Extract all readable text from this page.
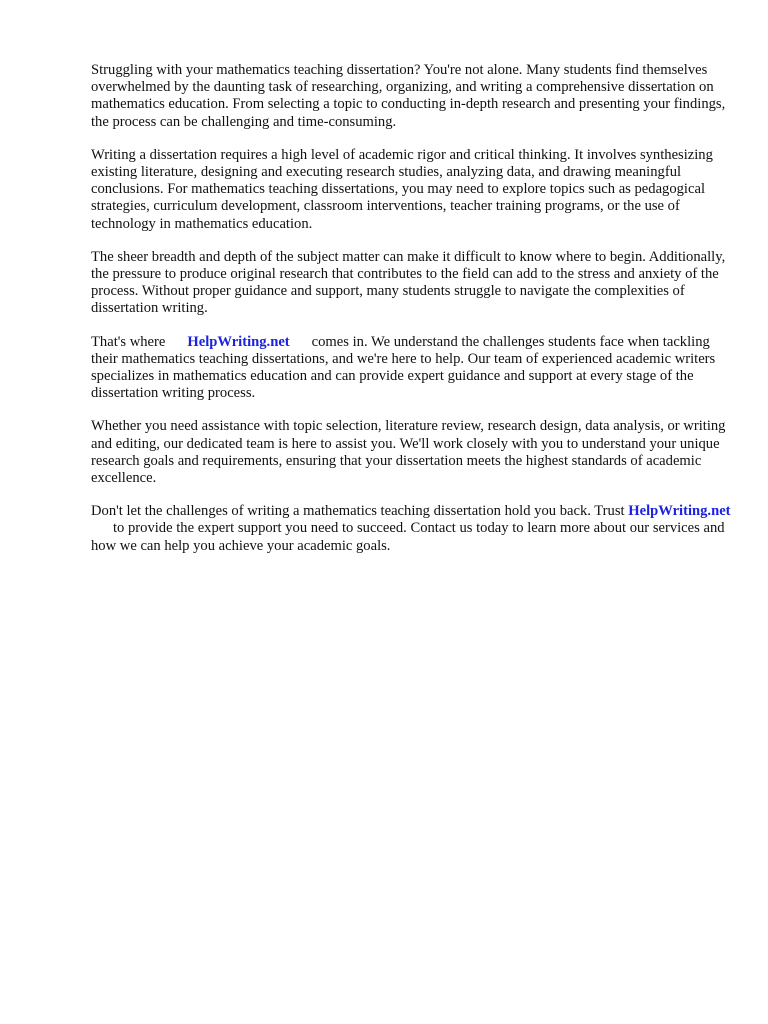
Struggling with your mathematics teaching dissertation? You're not alone. Many students find themselves overwhelmed by the daunting task of researching, organizing, and writing a comprehensive dissertation on mathematics education. From selecting a topic to conducting in-depth research and presenting your findings, the process can be challenging and time-consuming.

Writing a dissertation requires a high level of academic rigor and critical thinking. It involves synthesizing existing literature, designing and executing research studies, analyzing data, and drawing meaningful conclusions. For mathematics teaching dissertations, you may need to explore topics such as pedagogical strategies, curriculum development, classroom interventions, teacher training programs, or the use of technology in mathematics education.

The sheer breadth and depth of the subject matter can make it difficult to know where to begin. Additionally, the pressure to produce original research that contributes to the field can add to the stress and anxiety of the process. Without proper guidance and support, many students struggle to navigate the complexities of dissertation writing.

That's where HelpWriting.net comes in. We understand the challenges students face when tackling their mathematics teaching dissertations, and we're here to help. Our team of experienced academic writers specializes in mathematics education and can provide expert guidance and support at every stage of the dissertation writing process.

Whether you need assistance with topic selection, literature review, research design, data analysis, or writing and editing, our dedicated team is here to assist you. We'll work closely with you to understand your unique research goals and requirements, ensuring that your dissertation meets the highest standards of academic excellence.

Don't let the challenges of writing a mathematics teaching dissertation hold you back. Trust HelpWriting.netto provide the expert support you need to succeed. Contact us today to learn more about our services and how we can help you achieve your academic goals.
